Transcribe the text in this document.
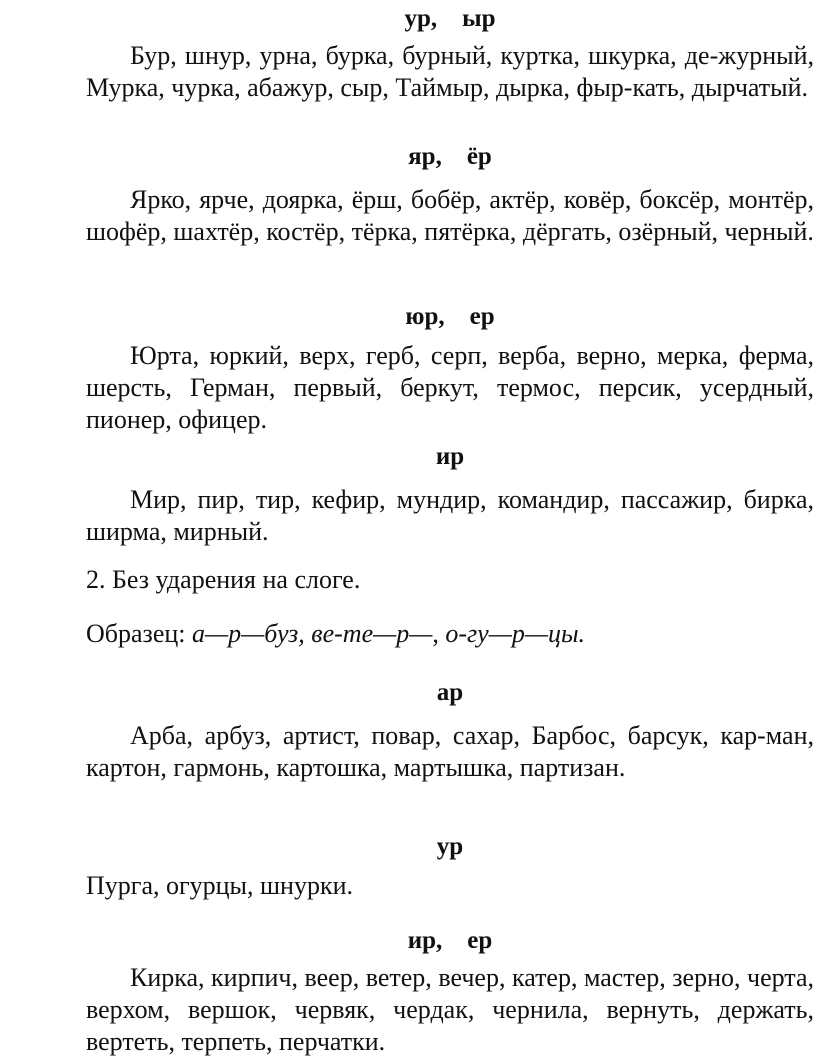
ур,    ыр
Бур, шнур, урна, бурка, бурный, куртка, шкурка, де-журный, Мурка, чурка, абажур, сыр, Таймыр, дырка, фыр-кать, дырчатый.
яр,    ёр
Ярко, ярче, доярка, ёрш, бобёр, актёр, ковёр, боксёр, монтёр, шофёр, шахтёр, костёр, тёрка, пятёрка, дёргать, озёрный, черный.
юр,    ер
Юрта, юркий, верх, герб, серп, верба, верно, мерка, ферма, шерсть, Герман, первый, беркут, термос, персик, усердный, пионер, офицер.
ир
Мир, пир, тир, кефир, мундир, командир, пассажир, бирка, ширма, мирный.
2. Без ударения на слоге.
Образец: а—р—буз, ве-те—р—, о-гу—р—цы.
ар
Арба, арбуз, артист, повар, сахар, Барбос, барсук, кар-ман, картон, гармонь, картошка, мартышка, партизан.
ур
Пурга, огурцы, шнурки.
ир,    ер
Кирка, кирпич, веер, ветер, вечер, катер, мастер, зерно, черта, верхом, вершок, червяк, чердак, чернила, вернуть, держать, вертеть, терпеть, перчатки.
